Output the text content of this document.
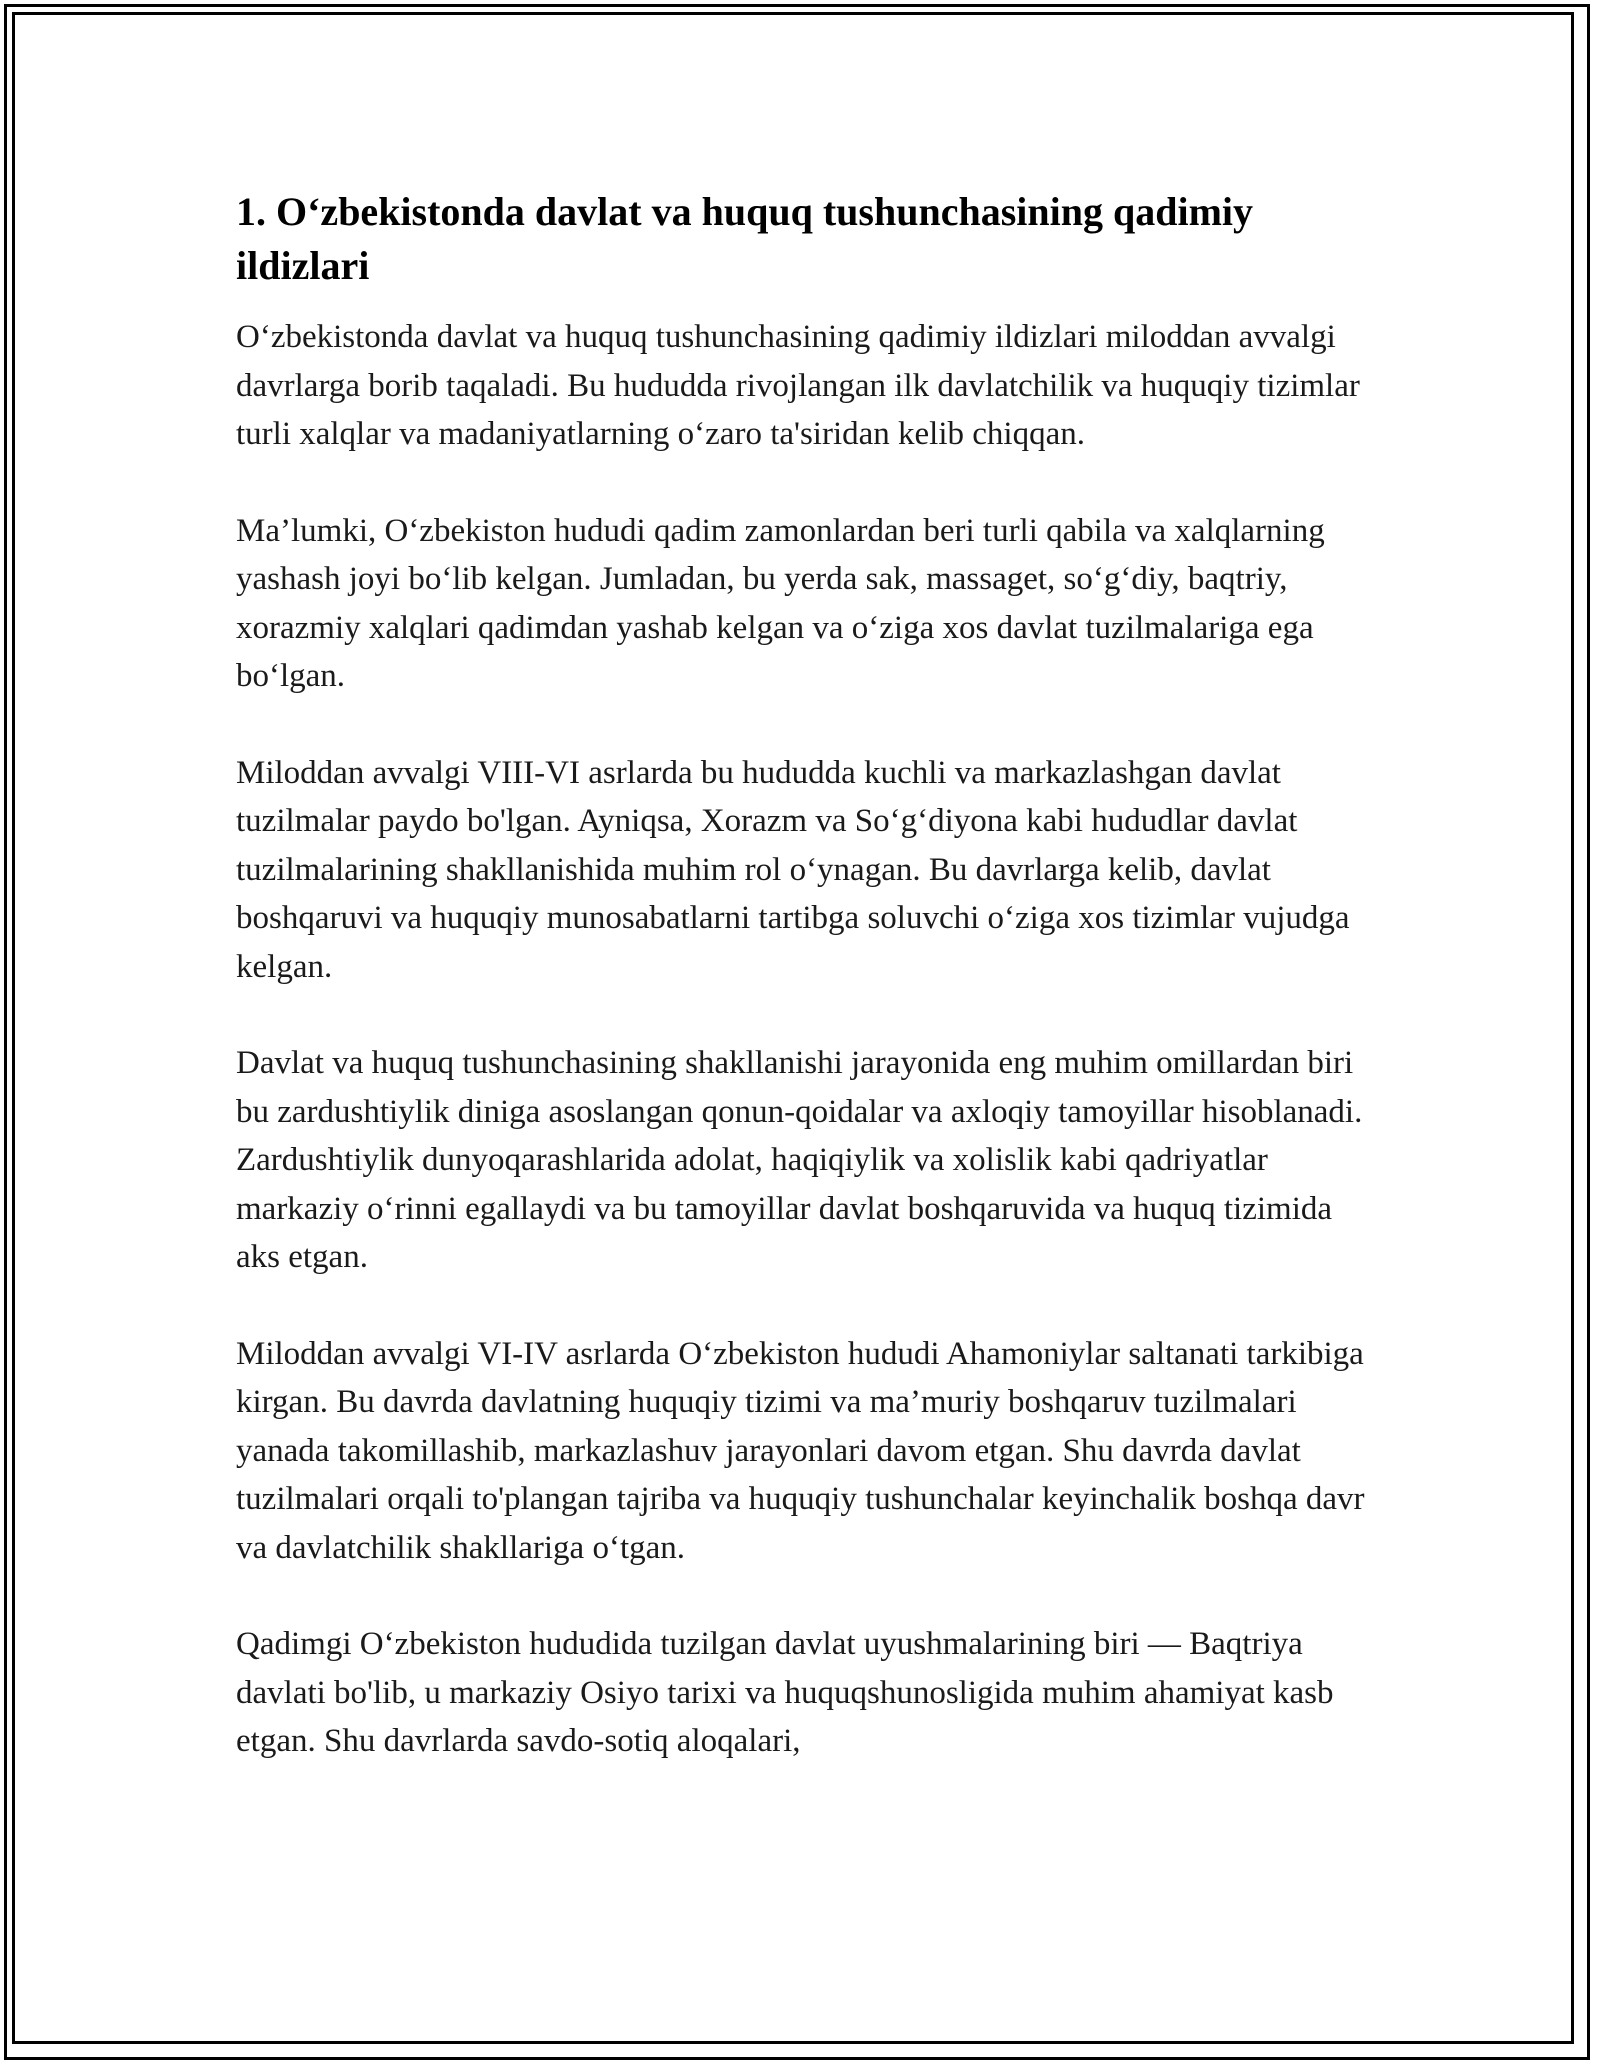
1. O‘zbekistonda davlat va huquq tushunchasining qadimiy ildizlari

O‘zbekistonda davlat va huquq tushunchasining qadimiy ildizlari miloddan avvalgi davrlarga borib taqaladi. Bu hududda rivojlangan ilk davlatchilik va huquqiy tizimlar turli xalqlar va madaniyatlarning o‘zaro ta'siridan kelib chiqqan.

Ma’lumki, O‘zbekiston hududi qadim zamonlardan beri turli qabila va xalqlarning yashash joyi bo‘lib kelgan. Jumladan, bu yerda sak, massaget, so‘g‘diy, baqtriy, xorazmiy xalqlari qadimdan yashab kelgan va o‘ziga xos davlat tuzilmalariga ega bo‘lgan.

Miloddan avvalgi VIII-VI asrlarda bu hududda kuchli va markazlashgan davlat tuzilmalar paydo bo'lgan. Ayniqsa, Xorazm va So‘g‘diyona kabi hududlar davlat tuzilmalarining shakllanishida muhim rol o‘ynagan. Bu davrlarga kelib, davlat boshqaruvi va huquqiy munosabatlarni tartibga soluvchi o‘ziga xos tizimlar vujudga kelgan.

Davlat va huquq tushunchasining shakllanishi jarayonida eng muhim omillardan biri bu zardushtiylik diniga asoslangan qonun-qoidalar va axloqiy tamoyillar hisoblanadi. Zardushtiylik dunyoqarashlarida adolat, haqiqiylik va xolislik kabi qadriyatlar markaziy o‘rinni egallaydi va bu tamoyillar davlat boshqaruvida va huquq tizimida aks etgan.

Miloddan avvalgi VI-IV asrlarda O‘zbekiston hududi Ahamoniylar saltanati tarkibiga kirgan. Bu davrda davlatning huquqiy tizimi va ma’muriy boshqaruv tuzilmalari yanada takomillashib, markazlashuv jarayonlari davom etgan. Shu davrda davlat tuzilmalari orqali to'plangan tajriba va huquqiy tushunchalar keyinchalik boshqa davr va davlatchilik shakllariga o‘tgan.

Qadimgi O‘zbekiston hududida tuzilgan davlat uyushmalarining biri — Baqtriya davlati bo'lib, u markaziy Osiyo tarixi va huquqshunosligida muhim ahamiyat kasb etgan. Shu davrlarda savdo-sotiq aloqalari,
